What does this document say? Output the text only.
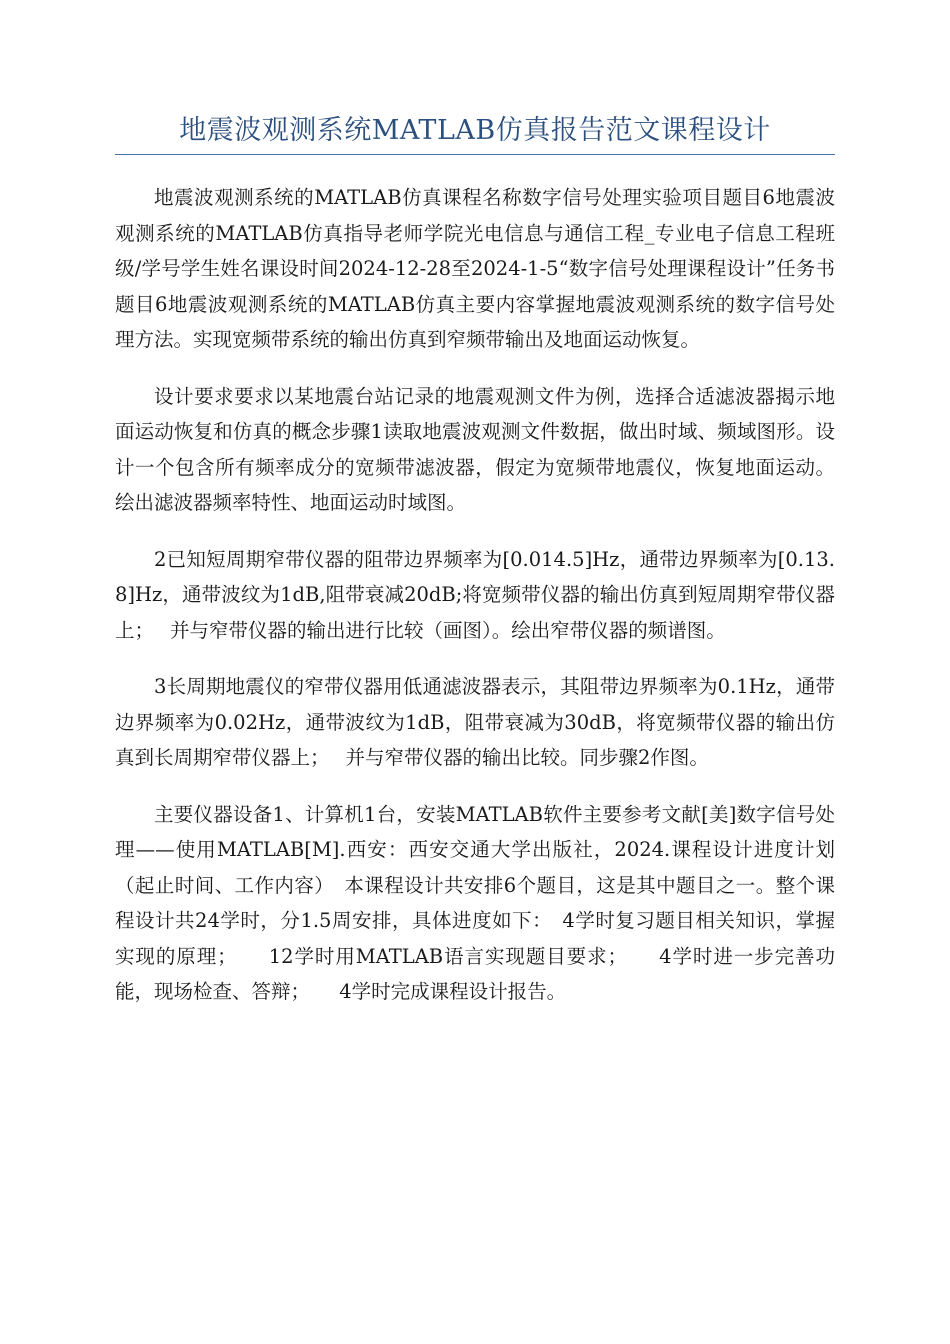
地震波观测系统MATLAB仿真报告范文课程设计

地震波观测系统的MATLAB仿真课程名称数字信号处理实验项目题目6地震波观测系统的MATLAB仿真指导老师学院光电信息与通信工程_专业电子信息工程班级/学号学生姓名课设时间2024-12-28至2024-1-5“数字信号处理课程设计”任务书题目6地震波观测系统的MATLAB仿真主要内容掌握地震波观测系统的数字信号处理方法。实现宽频带系统的输出仿真到窄频带输出及地面运动恢复。

设计要求要求以某地震台站记录的地震观测文件为例，选择合适滤波器揭示地面运动恢复和仿真的概念步骤1读取地震波观测文件数据，做出时域、频域图形。设计一个包含所有频率成分的宽频带滤波器，假定为宽频带地震仪，恢复地面运动。绘出滤波器频率特性、地面运动时域图。

2已知短周期窄带仪器的阻带边界频率为[0.014.5]Hz，通带边界频率为[0.13.8]Hz，通带波纹为1dB,阻带衰减20dB;将宽频带仪器的输出仿真到短周期窄带仪器上；　 并与窄带仪器的输出进行比较（画图）。绘出窄带仪器的频谱图。

3长周期地震仪的窄带仪器用低通滤波器表示，其阻带边界频率为0.1Hz，通带边界频率为0.02Hz，通带波纹为1dB，阻带衰减为30dB，将宽频带仪器的输出仿真到长周期窄带仪器上；　 并与窄带仪器的输出比较。同步骤2作图。

主要仪器设备1、计算机1台，安装MATLAB软件主要参考文献[美]数字信号处理——使用MATLAB[M].西安：西安交通大学出版社，2024.课程设计进度计划（起止时间、工作内容）　本课程设计共安排6个题目，这是其中题目之一。整个课程设计共24学时，分1.5周安排，具体进度如下：　4学时复习题目相关知识，掌握实现的原理；　　12学时用MATLAB语言实现题目要求；　　4学时进一步完善功能，现场检查、答辩；　　4学时完成课程设计报告。
